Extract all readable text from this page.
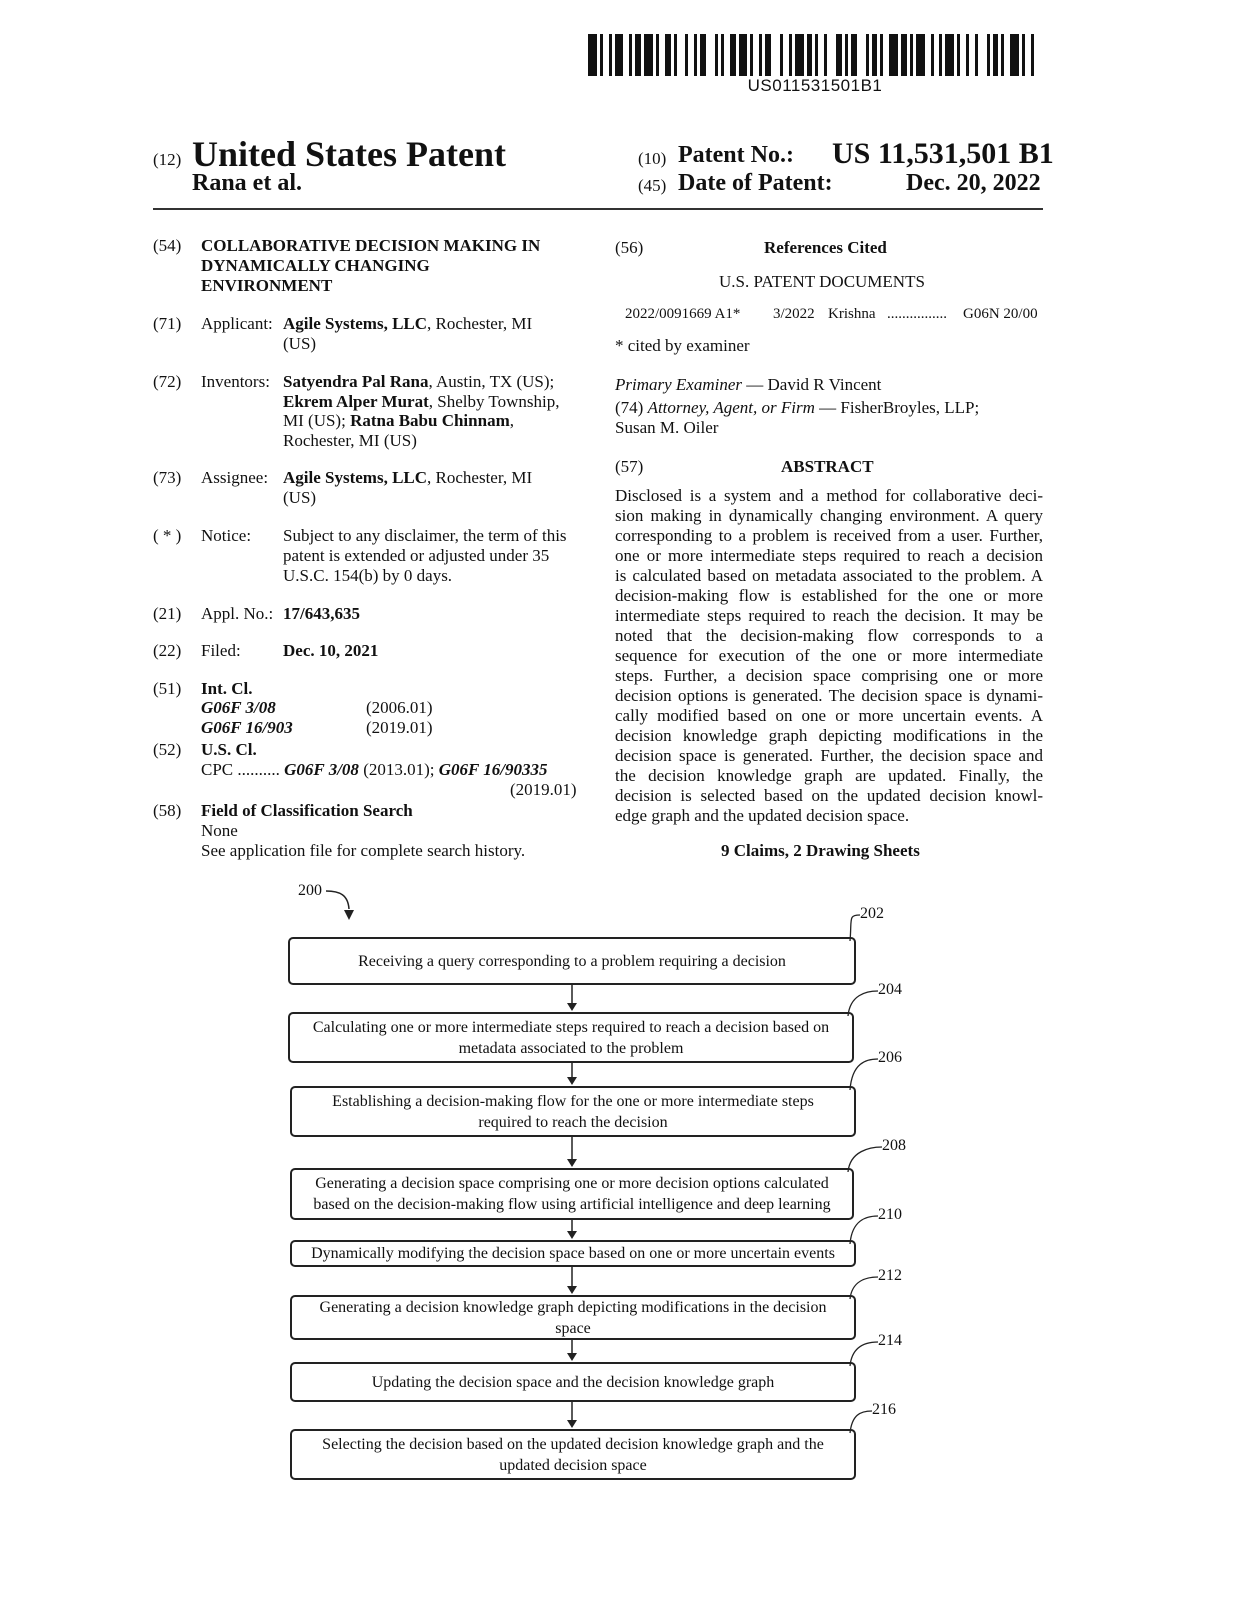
US011531501B1
(12) United States Patent
Rana et al.
(10) Patent No.: US 11,531,501 B1
(45) Date of Patent:	Dec. 20, 2022
(54) COLLABORATIVE DECISION MAKING IN
DYNAMICALLY CHANGING
ENVIRONMENT
(71) Applicant: Agile Systems, LLC, Rochester, MI
(US)
(72) Inventors: Satyendra Pal Rana, Austin, TX (US);
Ekrem Alper Murat, Shelby Township,
MI (US); Ratna Babu Chinnam,
Rochester, MI (US)
(73) Assignee: Agile Systems, LLC, Rochester, MI
(US)
( * ) Notice: Subject to any disclaimer, the term of this
patent is extended or adjusted under 35
U.S.C. 154(b) by 0 days.
(21) Appl. No.: 17/643,635
(22) Filed: Dec. 10, 2021
(51) Int. Cl.
G06F 3/08	(2006.01)
G06F 16/903	(2019.01)
(52) U.S. Cl.
CPC .......... G06F 3/08 (2013.01); G06F 16/90335
(2019.01)
(58) Field of Classification Search
None
See application file for complete search history.
(56)	References Cited
U.S. PATENT DOCUMENTS
2022/0091669 A1* 3/2022 Krishna ................ G06N 20/00
* cited by examiner
Primary Examiner — David R Vincent
(74) Attorney, Agent, or Firm — FisherBroyles, LLP;
Susan M. Oiler
(57)	ABSTRACT
Disclosed is a system and a method for collaborative deci-
sion making in dynamically changing environment. A query
corresponding to a problem is received from a user. Further,
one or more intermediate steps required to reach a decision
is calculated based on metadata associated to the problem. A
decision-making flow is established for the one or more
intermediate steps required to reach the decision. It may be
noted that the decision-making flow corresponds to a
sequence for execution of the one or more intermediate
steps. Further, a decision space comprising one or more
decision options is generated. The decision space is dynami-
cally modified based on one or more uncertain events. A
decision knowledge graph depicting modifications in the
decision space is generated. Further, the decision space and
the decision knowledge graph are updated. Finally, the
decision is selected based on the updated decision knowl-
edge graph and the updated decision space.
9 Claims, 2 Drawing Sheets
200
Receiving a query corresponding to a problem requiring a decision
202
Calculating one or more intermediate steps required to reach a decision based on
metadata associated to the problem
204
Establishing a decision-making flow for the one or more intermediate steps
required to reach the decision
206
Generating a decision space comprising one or more decision options calculated
based on the decision-making flow using artificial intelligence and deep learning
208
Dynamically modifying the decision space based on one or more uncertain events
210
Generating a decision knowledge graph depicting modifications in the decision
space
212
Updating the decision space and the decision knowledge graph
214
Selecting the decision based on the updated decision knowledge graph and the
updated decision space
216
